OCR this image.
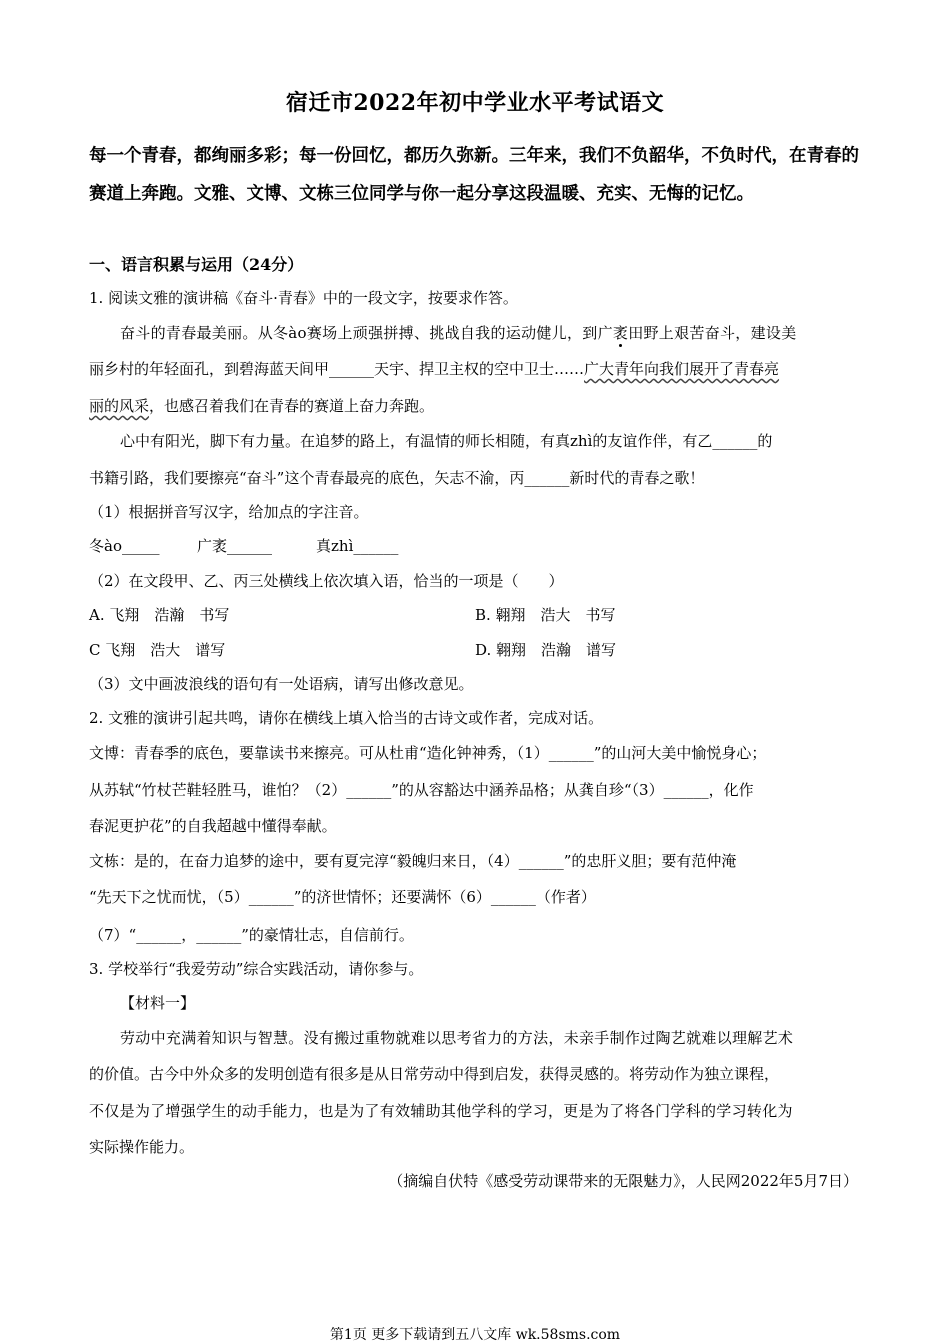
宿迁市2022年初中学业水平考试语文
每一个青春，都绚丽多彩；每一份回忆，都历久弥新。三年来，我们不负韶华，不负时代，在青春的赛道上奔跑。文雅、文博、文栋三位同学与你一起分享这段温暖、充实、无悔的记忆。
一、语言积累与运用（24分）
1. 阅读文雅的演讲稿《奋斗·青春》中的一段文字，按要求作答。
奋斗的青春最美丽。从冬ào赛场上顽强拼搏、挑战自我的运动健儿，到广袤田野上艰苦奋斗，建设美
丽乡村的年轻面孔，到碧海蓝天间甲______天宇、捍卫主权的空中卫士……广大青年向我们展开了青春亮
丽的风采，也感召着我们在青春的赛道上奋力奔跑。
心中有阳光，脚下有力量。在追梦的路上，有温情的师长相随，有真zhì的友谊作伴，有乙______的
书籍引路，我们要擦亮“奋斗”这个青春最亮的底色，矢志不渝，丙______新时代的青春之歌！
（1）根据拼音写汉字，给加点的字注音。
冬ào_____	广袤______	真zhì______
（2）在文段甲、乙、丙三处横线上依次填入语，恰当的一项是（　　）
A. 飞翔　浩瀚　书写	B. 翱翔　浩大　书写
C 飞翔　浩大　谱写	D. 翱翔　浩瀚　谱写
（3）文中画波浪线的语句有一处语病，请写出修改意见。
2. 文雅的演讲引起共鸣，请你在横线上填入恰当的古诗文或作者，完成对话。
文博：青春季的底色，要靠读书来擦亮。可从杜甫“造化钟神秀，（1）______”的山河大美中愉悦身心；
从苏轼“竹杖芒鞋轻胜马，谁怕？（2）______”的从容豁达中涵养品格；从龚自珍“（3）______，化作
春泥更护花”的自我超越中懂得奉献。
文栋：是的，在奋力追梦的途中，要有夏完淳“毅魄归来日，（4）______”的忠肝义胆；要有范仲淹
“先天下之忧而忧，（5）______”的济世情怀；还要满怀（6）______（作者）
（7）“______，______”的豪情壮志，自信前行。
3. 学校举行“我爱劳动”综合实践活动，请你参与。
【材料一】
劳动中充满着知识与智慧。没有搬过重物就难以思考省力的方法，未亲手制作过陶艺就难以理解艺术
的价值。古今中外众多的发明创造有很多是从日常劳动中得到启发，获得灵感的。将劳动作为独立课程，
不仅是为了增强学生的动手能力，也是为了有效辅助其他学科的学习，更是为了将各门学科的学习转化为
实际操作能力。
（摘编自伏特《感受劳动课带来的无限魅力》，人民网2022年5月7日）
第1页 更多下载请到五八文库 wk.58sms.com
